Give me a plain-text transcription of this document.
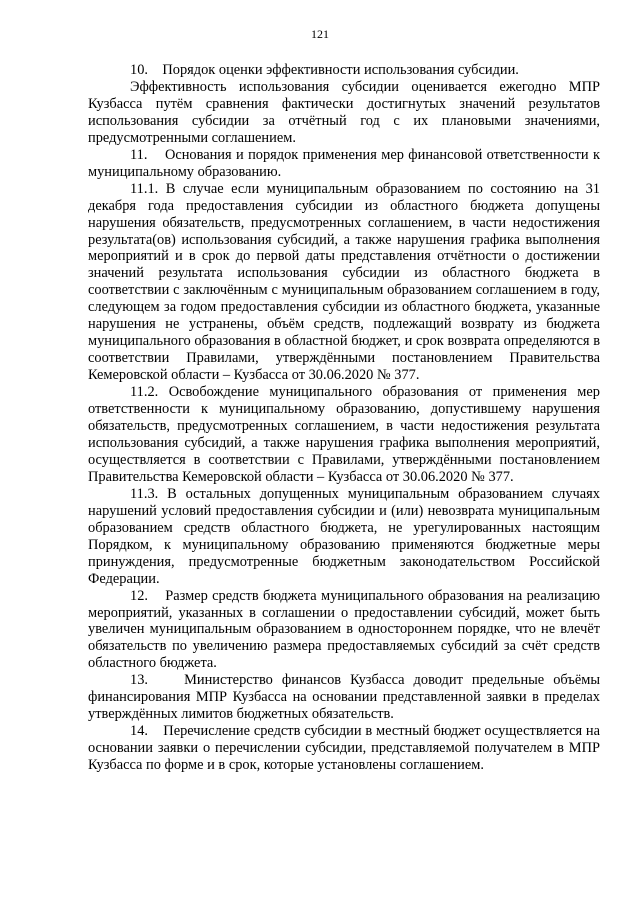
121

10.    Порядок оценки эффективности использования субсидии.

Эффективность использования субсидии оценивается ежегодно МПР Кузбасса путём сравнения фактически достигнутых значений результатов использования субсидии за отчётный год с их плановыми значениями, предусмотренными соглашением.

11.    Основания и порядок применения мер финансовой ответственности к муниципальному образованию.

11.1. В случае если муниципальным образованием по состоянию на 31 декабря года предоставления субсидии из областного бюджета допущены нарушения обязательств, предусмотренных соглашением, в части недостижения результата(ов) использования субсидий, а также нарушения графика выполнения мероприятий и в срок до первой даты представления отчётности о достижении значений результата использования субсидии из областного бюджета в соответствии с заключённым с муниципальным образованием соглашением в году, следующем за годом предоставления субсидии из областного бюджета, указанные нарушения не устранены, объём средств, подлежащий возврату из бюджета муниципального образования в областной бюджет, и срок возврата определяются в соответствии Правилами, утверждёнными постановлением Правительства Кемеровской области – Кузбасса от 30.06.2020 № 377.

11.2. Освобождение муниципального образования от применения мер ответственности к муниципальному образованию, допустившему нарушения обязательств, предусмотренных соглашением, в части недостижения результата использования субсидий, а также нарушения графика выполнения мероприятий, осуществляется в соответствии с Правилами, утверждёнными постановлением Правительства Кемеровской области – Кузбасса от 30.06.2020 № 377.

11.3. В остальных допущенных муниципальным образованием случаях нарушений условий предоставления субсидии и (или) невозврата муниципальным образованием средств областного бюджета, не урегулированных настоящим Порядком, к муниципальному образованию применяются бюджетные меры принуждения, предусмотренные бюджетным законодательством Российской Федерации.

12.    Размер средств бюджета муниципального образования на реализацию мероприятий, указанных в соглашении о предоставлении субсидий, может быть увеличен муниципальным образованием в одностороннем порядке, что не влечёт обязательств по увеличению размера предоставляемых субсидий за счёт средств областного бюджета.

13.    Министерство финансов Кузбасса доводит предельные объёмы финансирования МПР Кузбасса на основании представленной заявки в пределах утверждённых лимитов бюджетных обязательств.

14.    Перечисление средств субсидии в местный бюджет осуществляется на основании заявки о перечислении субсидии, представляемой получателем в МПР Кузбасса по форме и в срок, которые установлены соглашением.
